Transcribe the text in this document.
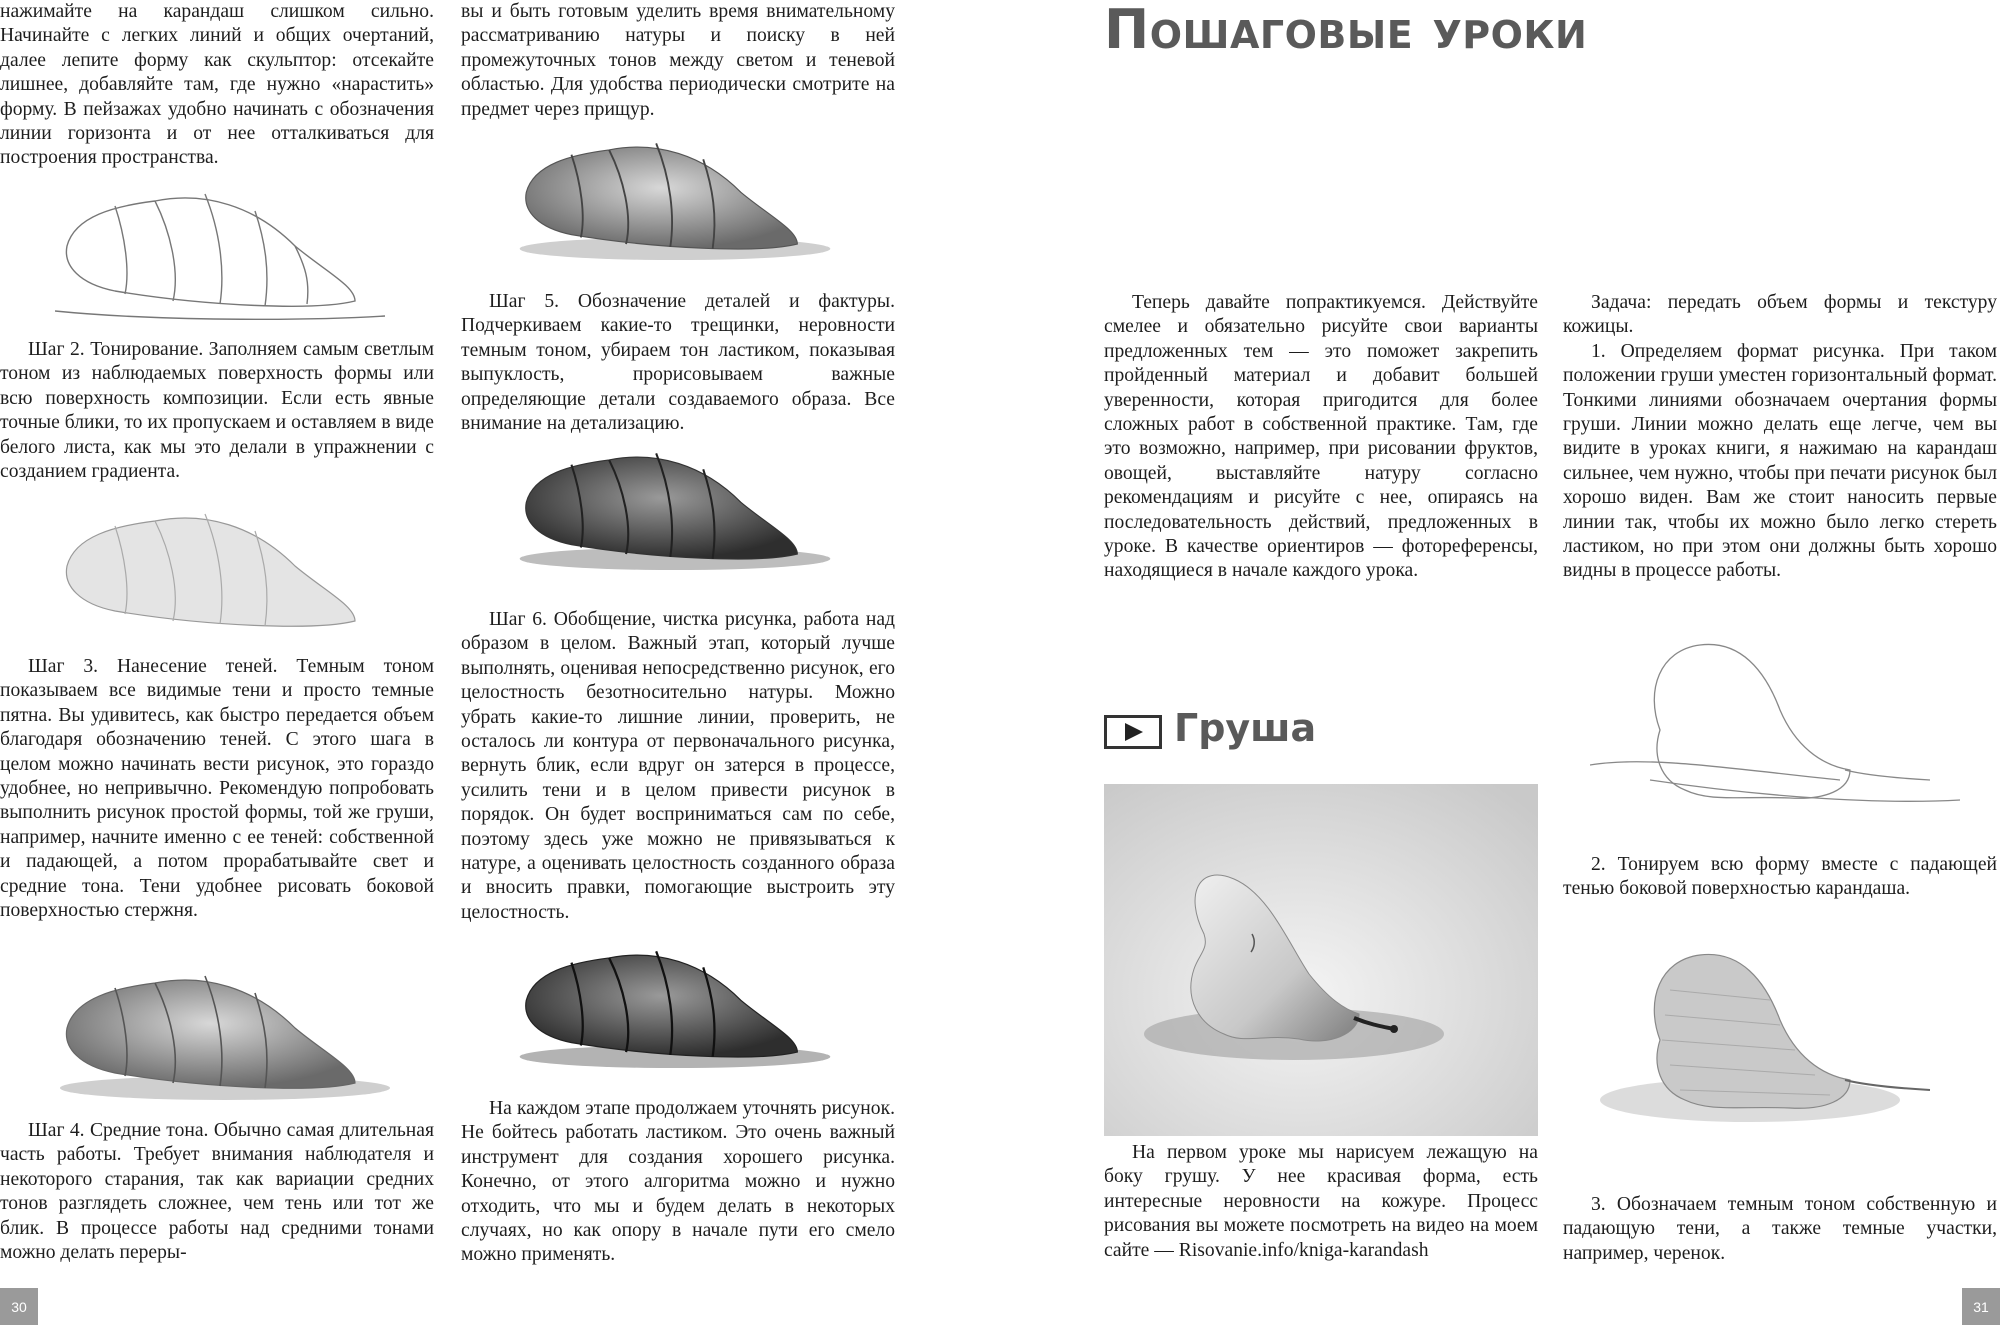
нажимайте на карандаш слишком сильно. Начинайте с легких линий и общих очертаний, далее лепите форму как скульптор: отсекайте лишнее, добавляйте там, где нужно «нарастить» форму. В пейзажах удобно начинать с обозначения линии горизонта и от нее отталкиваться для построения пространства.

Шаг 2. Тонирование. Заполняем самым светлым тоном из наблюдаемых поверхность формы или всю поверхность композиции. Если есть явные точные блики, то их пропускаем и оставляем в виде белого листа, как мы это делали в упражнении с созданием градиента.

Шаг 3. Нанесение теней. Темным тоном показываем все видимые тени и просто темные пятна. Вы удивитесь, как быстро передается объем благодаря обозначению теней. С этого шага в целом можно начинать вести рисунок, это гораздо удобнее, но непривычно. Рекомендую попробовать выполнить рисунок простой формы, той же груши, например, начните именно с ее теней: собственной и падающей, а потом прорабатывайте свет и средние тона. Тени удобнее рисовать боковой поверхностью стержня.

Шаг 4. Средние тона. Обычно самая длительная часть работы. Требует внимания наблюдателя и некоторого старания, так как вариации средних тонов разглядеть сложнее, чем тень или тот же блик. В процессе работы над средними тонами можно делать переры-

вы и быть готовым уделить время внимательному рассматриванию натуры и поиску в ней промежуточных тонов между светом и теневой областью. Для удобства периодически смотрите на предмет через прищур.

Шаг 5. Обозначение деталей и фактуры. Подчеркиваем какие-то трещинки, неровности темным тоном, убираем тон ластиком, показывая выпуклость, прорисовываем важные определяющие детали создаваемого образа. Все внимание на детализацию.

Шаг 6. Обобщение, чистка рисунка, работа над образом в целом. Важный этап, который лучше выполнять, оценивая непосредственно рисунок, его целостность безотносительно натуры. Можно убрать какие-то лишние линии, проверить, не осталось ли контура от первоначального рисунка, вернуть блик, если вдруг он затерся в процессе, усилить тени и в целом привести рисунок в порядок. Он будет восприниматься сам по себе, поэтому здесь уже можно не привязываться к натуре, а оценивать целостность созданного образа и вносить правки, помогающие выстроить эту целостность.

На каждом этапе продолжаем уточнять рисунок. Не бойтесь работать ластиком. Это очень важный инструмент для создания хорошего рисунка. Конечно, от этого алгоритма можно и нужно отходить, что мы и будем делать в некоторых случаях, но как опору в начале пути его смело можно применять.

30
Пошаговые уроки

Теперь давайте попрактикуемся. Действуйте смелее и обязательно рисуйте свои варианты предложенных тем — это поможет закрепить пройденный материал и добавит большей уверенности, которая пригодится для более сложных работ в собственной практике. Там, где это возможно, например, при рисовании фруктов, овощей, выставляйте натуру согласно рекомендациям и рисуйте с нее, опираясь на последовательность действий, предложенных в уроке. В качестве ориентиров — фотореференсы, находящиеся в начале каждого урока.

Груша

На первом уроке мы нарисуем лежащую на боку грушу. У нее красивая форма, есть интересные неровности на кожуре. Процесс рисования вы можете посмотреть на видео на моем сайте — Risovanie.info/kniga-karandash

Задача: передать объем формы и текстуру кожицы.

1. Определяем формат рисунка. При таком положении груши уместен горизонтальный формат. Тонкими линиями обозначаем очертания формы груши. Линии можно делать еще легче, чем вы видите в уроках книги, я нажимаю на карандаш сильнее, чем нужно, чтобы при печати рисунок был хорошо виден. Вам же стоит наносить первые линии так, чтобы их можно было легко стереть ластиком, но при этом они должны быть хорошо видны в процессе работы.

2. Тонируем всю форму вместе с падающей тенью боковой поверхностью карандаша.

3. Обозначаем темным тоном собственную и падающую тени, а также темные участки, например, черенок.

31
